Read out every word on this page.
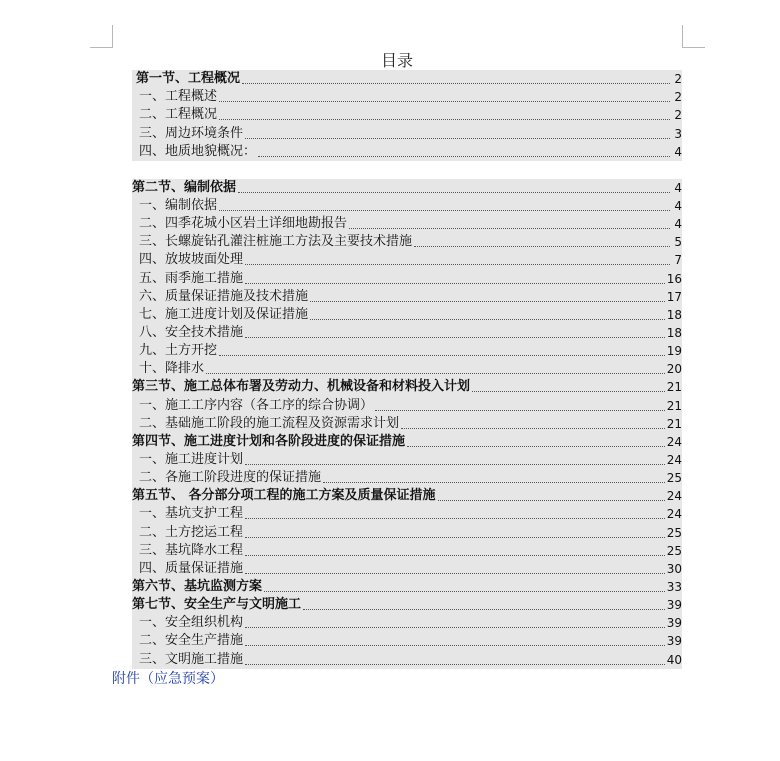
目录
第一节、工程概况	2
一、工程概述	2
二、工程概况	2
三、周边环境条件	3
四、地质地貌概况：	4
第二节、编制依据	4
一、编制依据	4
二、四季花城小区岩土详细地勘报告	4
三、长螺旋钻孔灌注桩施工方法及主要技术措施	5
四、放坡坡面处理	7
五、雨季施工措施	16
六、质量保证措施及技术措施	17
七、施工进度计划及保证措施	18
八、安全技术措施	18
九、土方开挖	19
十、降排水	20
第三节、施工总体布署及劳动力、机械设备和材料投入计划	21
一、施工工序内容（各工序的综合协调）	21
二、基础施工阶段的施工流程及资源需求计划	21
第四节、施工进度计划和各阶段进度的保证措施	24
一、施工进度计划	24
二、各施工阶段进度的保证措施	25
第五节、 各分部分项工程的施工方案及质量保证措施	24
一、基坑支护工程	24
二、土方挖运工程	25
三、基坑降水工程	25
四、质量保证措施	30
第六节、基坑监测方案	33
第七节、安全生产与文明施工	39
一、安全组织机构	39
二、安全生产措施	39
三、文明施工措施	40
附件（应急预案）
